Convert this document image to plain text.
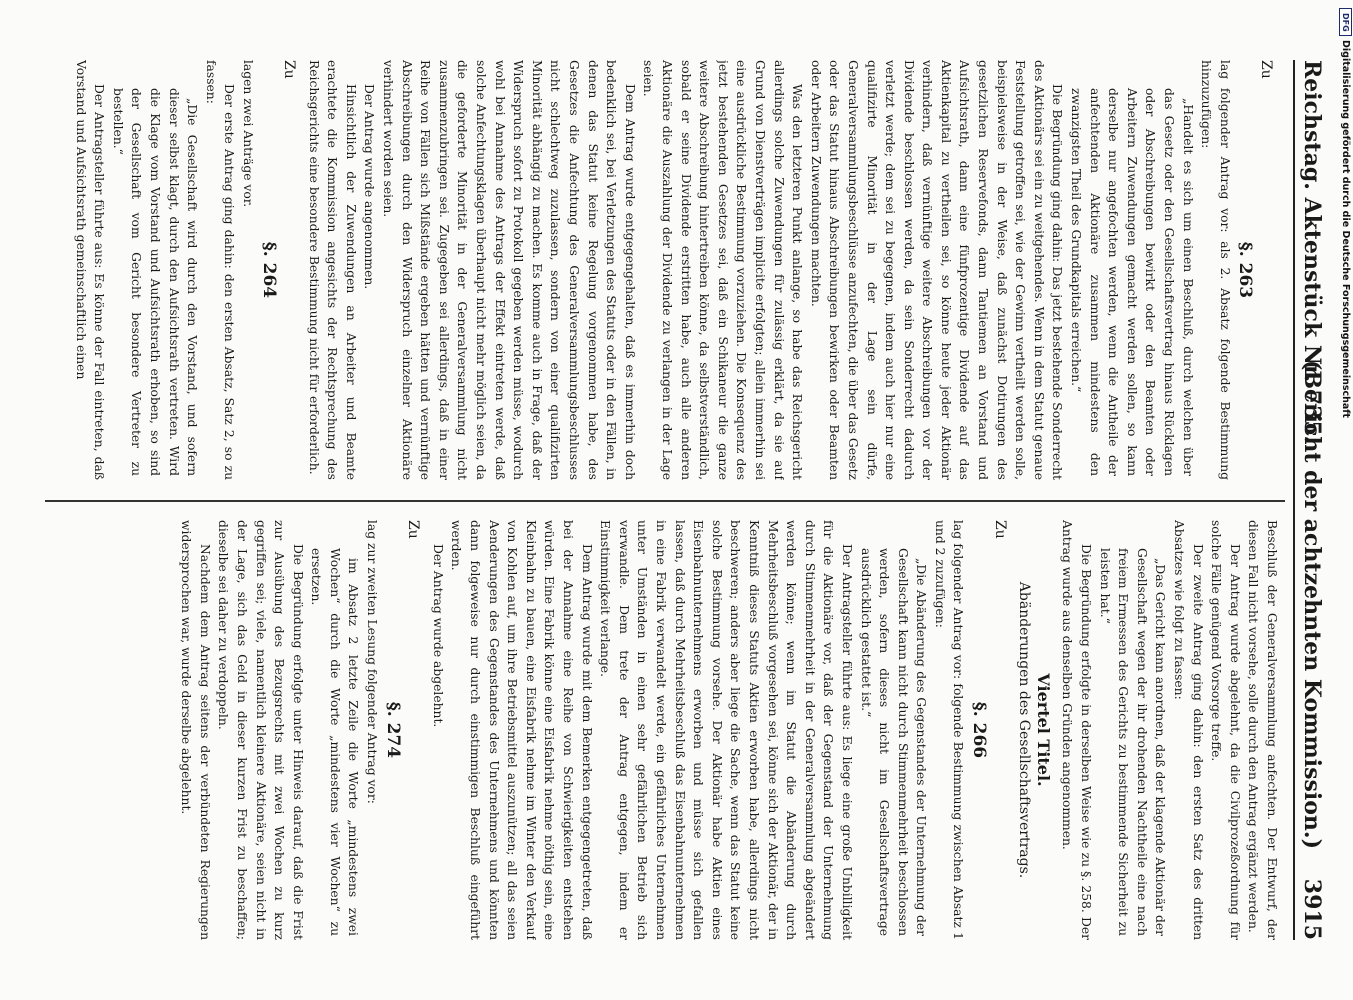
Reichstag. Aktenstück Nr. 735.
(Bericht der achtzehnten Kommission.)
3915

Zu

§. 263

lag folgender Antrag vor: als 2. Absatz folgende Bestimmung hinzuzufügen:

„Handelt es sich um einen Beschluß, durch welchen über das Gesetz oder den Gesellschaftsvertrag hinaus Rücklagen oder Abschreibungen bewirkt oder den Beamten oder Arbeitern Zuwendungen gemacht werden sollen, so kann derselbe nur angefochten werden, wenn die Antheile der anfechtenden Aktionäre zusammen mindestens den zwanzigsten Theil des Grundkapitals erreichen.“

Die Begründung ging dahin: Das jetzt bestehende Sonderrecht des Aktionärs sei ein zu weitgehendes. Wenn in dem Statut genaue Feststellung getroffen sei, wie der Gewinn vertheilt werden solle, beispielsweise in der Weise, daß zunächst Dotirungen des gesetzlichen Reservefonds, dann Tantiemen an Vorstand und Aufsichtsrath, dann eine fünfprozentige Dividende auf das Aktienkapital zu vertheilen sei, so könne heute jeder Aktionär verhindern, daß vernünftige weitere Abschreibungen vor der Dividende beschlossen werden, da sein Sonderrecht dadurch verletzt werde; dem sei zu begegnen, indem auch hier nur eine qualifizirte Minorität in der Lage sein dürfe, Generalversammlungsbeschlüsse anzufechten, die über das Gesetz oder das Statut hinaus Abschreibungen bewirken oder Beamten oder Arbeitern Zuwendungen machten.

Was den letzteren Punkt anlange, so habe das Reichsgericht allerdings solche Zuwendungen für zulässig erklärt, da sie auf Grund von Dienstverträgen implicite erfolgten; allein immerhin sei eine ausdrückliche Bestimmung vorzuziehen. Die Konsequenz des jetzt bestehenden Gesetzes sei, daß ein Schikaneur die ganze weitere Abschreibung hintertreiben könne, da selbstverständlich, sobald er seine Dividende erstritten habe, auch alle anderen Aktionäre die Auszahlung der Dividende zu verlangen in der Lage seien.

Dem Antrag wurde entgegengehalten, daß es immerhin doch bedenklich sei, bei Verletzungen des Statuts oder in den Fällen, in denen das Statut keine Regelung vorgenommen habe, des Gesetzes die Anfechtung des Generalversammlungsbeschlusses nicht schlechtweg zuzulassen, sondern von einer qualifizirten Minorität abhängig zu machen. Es komme auch in Frage, daß der Widerspruch sofort zu Protokoll gegeben werden müsse, wodurch wohl bei Annahme des Antrags der Effekt eintreten werde, daß solche Anfechtungsklagen überhaupt nicht mehr möglich seien, da die geforderte Minorität in der Generalversammlung nicht zusammenzubringen sei. Zugegeben sei allerdings, daß in einer Reihe von Fällen sich Mißstände ergeben hätten und vernünftige Abschreibungen durch den Widerspruch einzelner Aktionäre verhindert worden seien.

Der Antrag wurde angenommen.

Hinsichtlich der Zuwendungen an Arbeiter und Beamte erachtete die Kommission angesichts der Rechtsprechung des Reichsgerichts eine besondere Bestimmung nicht für erforderlich.

Zu

§. 264

lagen zwei Anträge vor.

Der erste Antrag ging dahin: den ersten Absatz, Satz 2, so zu fassen:

„Die Gesellschaft wird durch den Vorstand, und sofern dieser selbst klagt, durch den Aufsichtsrath vertreten. Wird die Klage vom Vorstand und Aufsichtsrath erhoben, so sind der Gesellschaft vom Gericht besondere Vertreter zu bestellen.“

Der Antragsteller führte aus: Es könne der Fall eintreten, daß Vorstand und Aufsichtsrath gemeinschaftlich einen

Beschluß der Generalversammlung anfechten. Der Entwurf, der diesen Fall nicht vorsehe, solle durch den Antrag ergänzt werden.

Der Antrag wurde abgelehnt, da die Civilprozeßordnung für solche Fälle genügend Vorsorge treffe.

Der zweite Antrag ging dahin: den ersten Satz des dritten Absatzes wie folgt zu fassen:

„Das Gericht kann anordnen, daß der klagende Aktionär der Gesellschaft wegen der ihr drohenden Nachtheile eine nach freiem Ermessen des Gerichts zu bestimmende Sicherheit zu leisten hat.“

Die Begründung erfolgte in derselben Weise wie zu §. 258. Der Antrag wurde aus denselben Gründen angenommen.

Viertel Titel.

Abänderungen des Gesellschaftsvertrags.

Zu

§. 266

lag folgender Antrag vor: folgende Bestimmung zwischen Absatz 1 und 2 zuzufügen:

„Die Abänderung des Gegenstandes der Unternehmung der Gesellschaft kann nicht durch Stimmenmehrheit beschlossen werden, sofern dieses nicht im Gesellschaftsvertrage ausdrücklich gestattet ist.“

Der Antragsteller führte aus: Es liege eine große Unbilligkeit für die Aktionäre vor, daß der Gegenstand der Unternehmung durch Stimmenmehrheit in der Generalversammlung abgeändert werden könne; wenn im Statut die Abänderung durch Mehrheitsbeschluß vorgesehen sei, könne sich der Aktionär, der in Kenntniß dieses Statuts Aktien erworben habe, allerdings nicht beschweren; anders aber liege die Sache, wenn das Statut keine solche Bestimmung vorsehe. Der Aktionär habe Aktien eines Eisenbahnunternehmens erworben und müsse sich gefallen lassen, daß durch Mehrheitsbeschluß das Eisenbahnunternehmen in eine Fabrik verwandelt werde, ein gefährliches Unternehmen unter Umständen in einen sehr gefährlichen Betrieb sich verwandle. Dem trete der Antrag entgegen, indem er Einstimmigkeit verlange.

Dem Antrag wurde mit dem Bemerken entgegengetreten, daß bei der Annahme eine Reihe von Schwierigkeiten entstehen würden. Eine Fabrik könne eine Eisfabrik nehme nöthig sein, eine Kleinbahn zu bauen, eine Eisfabrik nehme im Winter den Verkauf von Kohlen auf, um ihre Betriebsmittel auszunützen; all das seien Aenderungen des Gegenstandes des Unternehmens und könnten dann folgeweise nur durch einstimmigen Beschluß eingeführt werden.

Der Antrag wurde abgelehnt.

Zu

§. 274

lag zur zweiten Lesung folgender Antrag vor:

im Absatz 2 letzte Zeile die Worte „mindestens zwei Wochen“ durch die Worte „mindestens vier Wochen“ zu ersetzen.

Die Begründung erfolgte unter Hinweis darauf, daß die Frist zur Ausübung des Bezugsrechts mit zwei Wochen zu kurz gegriffen sei; viele, namentlich kleinere Aktionäre, seien nicht in der Lage, sich das Geld in dieser kurzen Frist zu beschaffen; dieselbe sei daher zu verdoppeln.

Nachdem dem Antrag seitens der verbündeten Regierungen widersprochen war, wurde derselbe abgelehnt.

DFG
Digitalisierung gefördert durch die Deutsche Forschungsgemeinschaft
